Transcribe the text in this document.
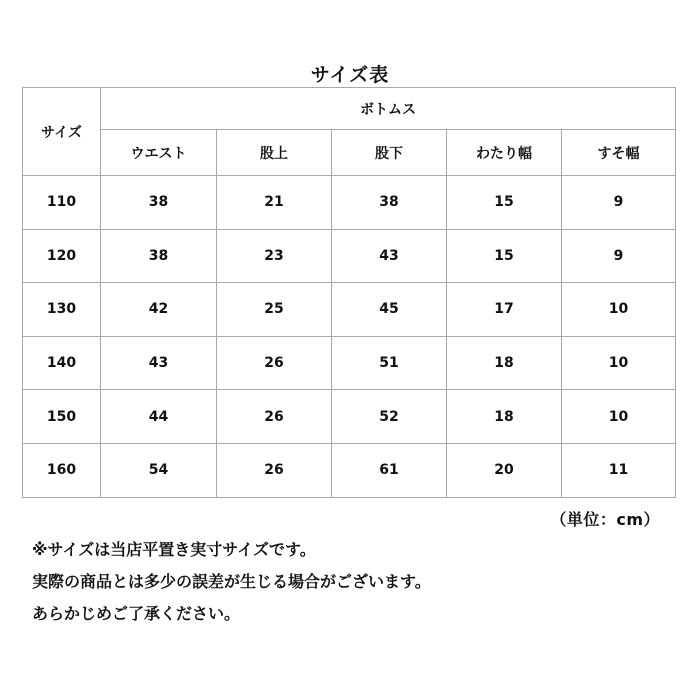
サイズ表
サイズ	ボトムス				
	ウエスト	股上	股下	わたり幅	すそ幅
110	38	21	38	15	9
120	38	23	43	15	9
130	42	25	45	17	10
140	43	26	51	18	10
150	44	26	52	18	10
160	54	26	61	20	11
（単位：cm）
※サイズは当店平置き実寸サイズです。
実際の商品とは多少の誤差が生じる場合がございます。
あらかじめご了承ください。
